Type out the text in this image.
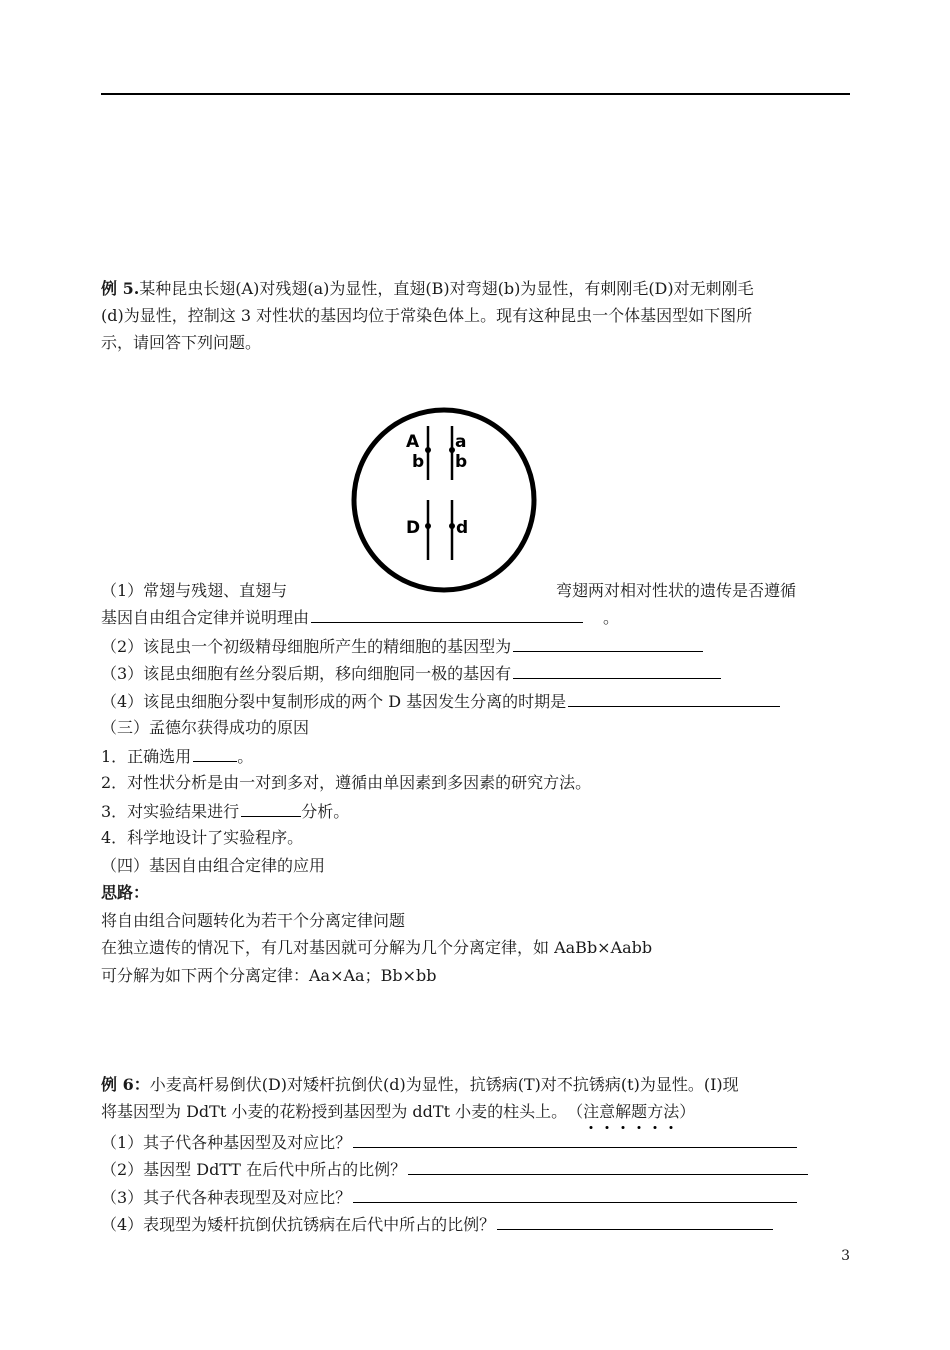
例 5.某种昆虫长翅(A)对残翅(a)为显性，直翅(B)对弯翅(b)为显性，有刺刚毛(D)对无刺刚毛
(d)为显性，控制这 3 对性状的基因均位于常染色体上。现有这种昆虫一个体基因型如下图所
示，请回答下列问题。
A
b
a
b
D d
（1）常翅与残翅、直翅与	弯翅两对相对性状的遗传是否遵循
基因自由组合定律并说明理由	。
（2）该昆虫一个初级精母细胞所产生的精细胞的基因型为
（3）该昆虫细胞有丝分裂后期，移向细胞同一极的基因有
（4）该昆虫细胞分裂中复制形成的两个 D 基因发生分离的时期是
（三）孟德尔获得成功的原因
1．正确选用	。
2．对性状分析是由一对到多对，遵循由单因素到多因素的研究方法。
3．对实验结果进行	分析。
4．科学地设计了实验程序。
（四）基因自由组合定律的应用
思路：
将自由组合问题转化为若干个分离定律问题
在独立遗传的情况下，有几对基因就可分解为几个分离定律，如 AaBb×Aabb
可分解为如下两个分离定律：Aa×Aa；Bb×bb
例 6：小麦高杆易倒伏(D)对矮杆抗倒伏(d)为显性，抗锈病(T)对不抗锈病(t)为显性。(Ⅰ)现
将基因型为 DdTt 小麦的花粉授到基因型为 ddTt 小麦的柱头上。 （注意解题方法）
（1）其子代各种基因型及对应比？
（2）基因型 DdTT 在后代中所占的比例？
（3）其子代各种表现型及对应比？
（4）表现型为矮杆抗倒伏抗锈病在后代中所占的比例？
3
